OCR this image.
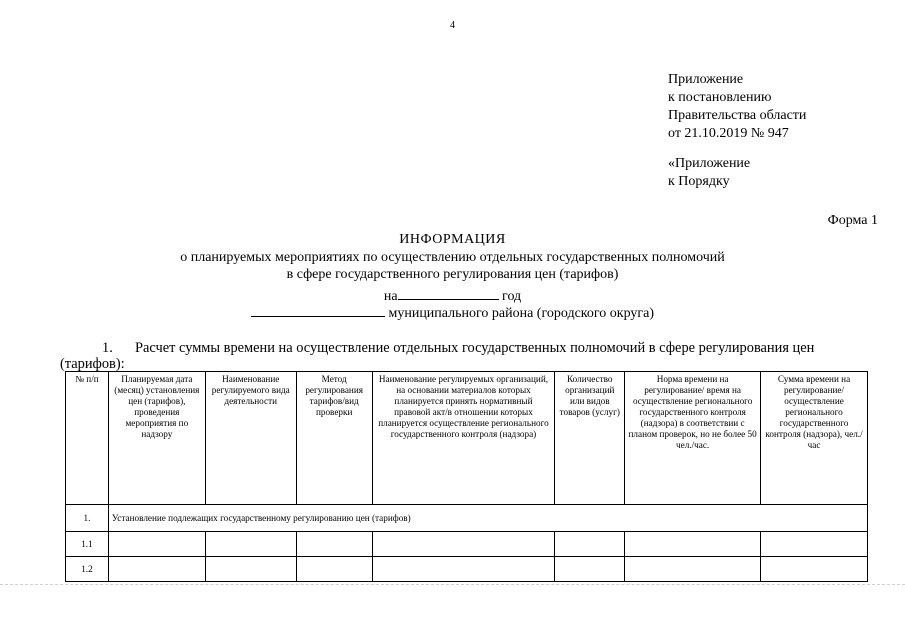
4
Приложение
к постановлению
Правительства области
от 21.10.2019 № 947
«Приложение
к Порядку
Форма 1
ИНФОРМАЦИЯ
о планируемых мероприятиях по осуществлению отдельных государственных полномочий
в сфере государственного регулирования цен (тарифов)
на	год
муниципального района (городского округа)
1. Расчет суммы времени на осуществление отдельных государственных полномочий в сфере регулирования цен
(тарифов):
№ п/п	Планируемая дата (месяц) установления цен (тарифов), проведения мероприятия по надзору	Наименование регулируемого вида деятельности	Метод регулирования тарифов/вид проверки	Наименование регулируемых организаций, на основании материалов которых планируется принять нормативный правовой акт/в отношении которых планируется осуществление регионального государственного контроля (надзора)	Количество организаций или видов товаров (услуг)	Норма времени на регулирование/ время на осуществление регионального государственного контроля (надзора) в соответствии с планом проверок, но не более 50 чел./час.	Сумма времени на регулирование/осуществление регионального государственного контроля (надзора), чел./час
1.	Установление подлежащих государственному регулированию цен (тарифов)						
1.1							
1.2							
